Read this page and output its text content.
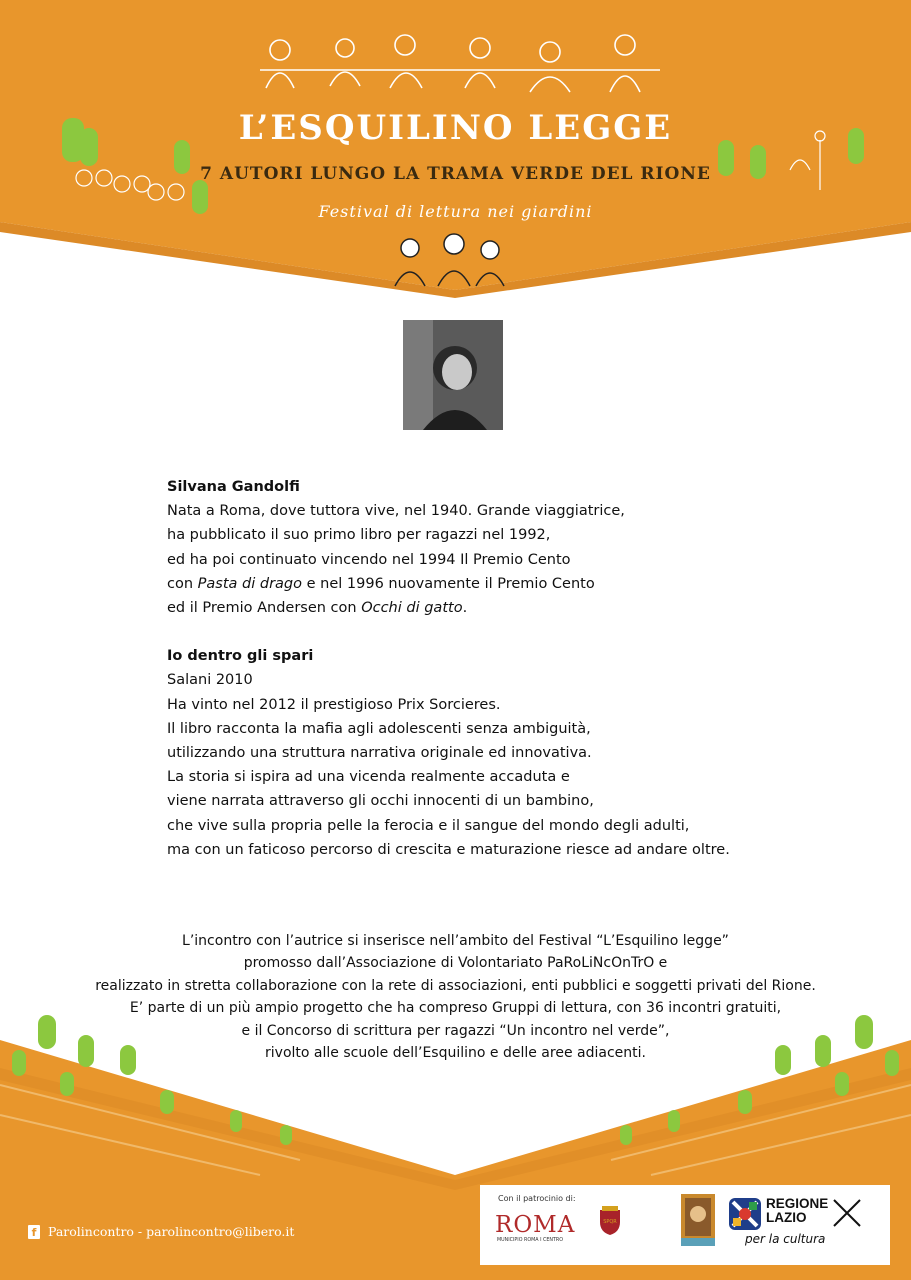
L’ESQUILINO LEGGE
7 AUTORI LUNGO LA TRAMA VERDE DEL RIONE
Festival di lettura nei giardini

Silvana Gandolfi

Nata a Roma, dove tuttora vive, nel 1940. Grande viaggiatrice,

ha pubblicato il suo primo libro per ragazzi nel 1992,

ed ha poi continuato vincendo nel 1994 Il Premio Cento

con Pasta di drago e nel 1996 nuovamente il Premio Cento

ed il Premio Andersen con Occhi di gatto.

Io dentro gli spari

Salani 2010

Ha vinto nel 2012 il prestigioso Prix Sorcieres.

Il libro racconta la mafia agli adolescenti senza ambiguità,

utilizzando una struttura narrativa originale ed innovativa.

La storia si ispira ad una vicenda realmente accaduta e

viene narrata attraverso gli occhi innocenti di un bambino,

che vive sulla propria pelle la ferocia e il sangue del mondo degli adulti,

ma con un faticoso percorso di crescita e maturazione riesce ad andare oltre.

L’incontro con l’autrice si inserisce nell’ambito del Festival “L’Esquilino legge”

promosso dall’Associazione di Volontariato PaRoLiNcOnTrO e

realizzato in stretta collaborazione con la rete di associazioni, enti pubblici e soggetti privati del Rione.

E’ parte di un più ampio progetto che ha compreso Gruppi di lettura, con 36 incontri gratuiti,

e il Concorso di scrittura per ragazzi “Un incontro nel verde”,

rivolto alle scuole dell’Esquilino e delle aree adiacenti.

f Parolincontro - parolincontro@libero.it
Con il patrocinio di:
ROMA
MUNICIPIO ROMA I CENTRO
SPQR
REGIONE
LAZIO
per la cultura
